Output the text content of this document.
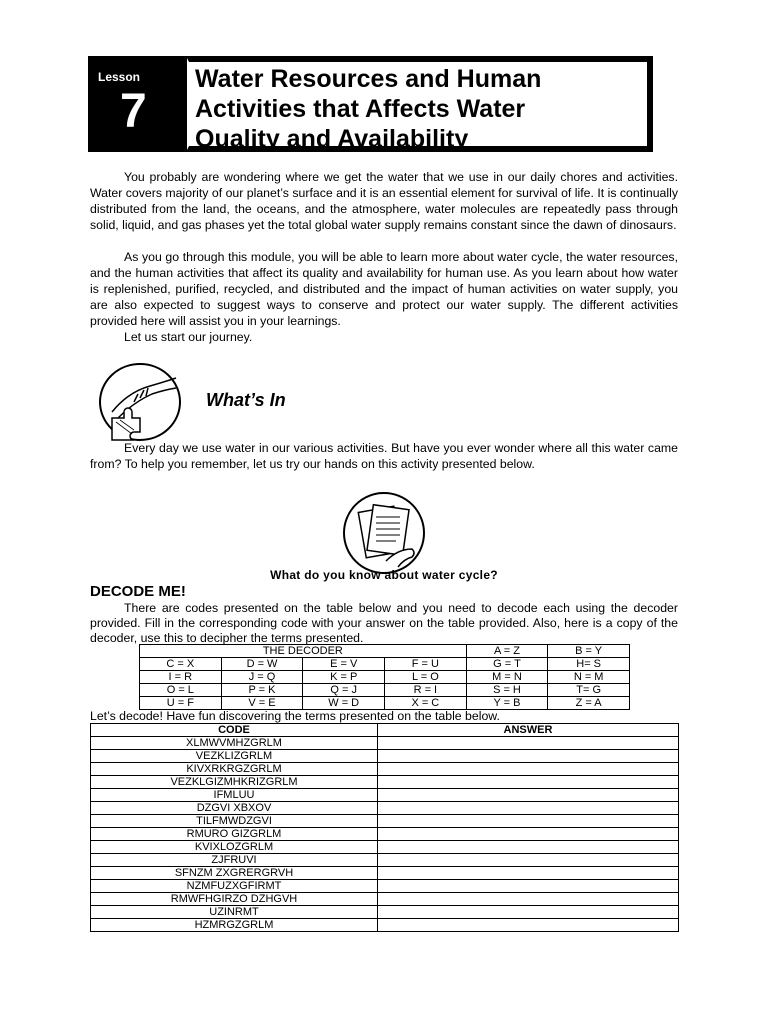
Lesson
7
Water Resources and Human
Activities that Affects Water
Quality and Availability

You probably are wondering where we get the water that we use in our daily chores and activities. Water covers majority of our planet’s surface and it is an essential element for survival of life. It is continually distributed from the land, the oceans, and the atmosphere, water molecules are repeatedly pass through solid, liquid, and gas phases yet the total global water supply remains constant since the dawn of dinosaurs.

As you go through this module, you will be able to learn more about water cycle, the water resources, and the human activities that affect its quality and availability for human use. As you learn about how water is replenished, purified, recycled, and distributed and the impact of human activities on water supply, you are also expected to suggest ways to conserve and protect our water supply. The different activities provided here will assist you in your learnings.

Let us start our journey.

What’s In

Every day we use water in our various activities. But have you ever wonder where all this water came from? To help you remember, let us try our hands on this activity presented below.

What do you know about water cycle?
DECODE ME!

There are codes presented on the table below and you need to decode each using the decoder provided. Fill in the corresponding code with your answer on the table provided. Also, here is a copy of the decoder, use this to decipher the terms presented.

THE DECODER				A = Z	B = Y
C = X	D = W	E = V	F = U	G = T	H= S
I = R	J = Q	K = P	L = O	M = N	N = M
O = L	P = K	Q = J	R = I	S = H	T= G
U = F	V = E	W = D	X = C	Y = B	Z = A

Let’s decode! Have fun discovering the terms presented on the table below.

CODE	ANSWER
XLMWVMHZGRLM	
VEZKLIZGRLM	
KIVXRKRGZGRLM	
VEZKLGIZMHKRIZGRLM	
IFMLUU	
DZGVI XBXOV	
TILFMWDZGVI	
RMURO GIZGRLM	
KVIXLOZGRLM	
ZJFRUVI	
SFNZM ZXGRERGRVH	
NZMFUZXGFIRMT	
RMWFHGIRZO DZHGVH	
UZINRMT	
HZMRGZGRLM	
